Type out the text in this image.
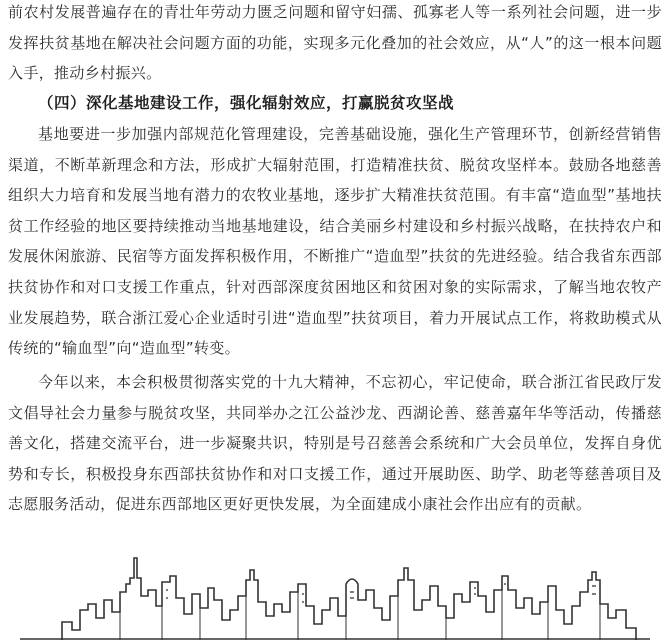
前农村发展普遍存在的青壮年劳动力匮乏问题和留守妇孺、孤寡老人等一系列社会问题，进一步发挥扶贫基地在解决社会问题方面的功能，实现多元化叠加的社会效应，从“人”的这一根本问题入手，推动乡村振兴。

（四）深化基地建设工作，强化辐射效应，打赢脱贫攻坚战

基地要进一步加强内部规范化管理建设，完善基础设施，强化生产管理环节，创新经营销售渠道，不断革新理念和方法，形成扩大辐射范围，打造精准扶贫、脱贫攻坚样本。鼓励各地慈善组织大力培育和发展当地有潜力的农牧业基地，逐步扩大精准扶贫范围。有丰富“造血型”基地扶贫工作经验的地区要持续推动当地基地建设，结合美丽乡村建设和乡村振兴战略，在扶持农户和发展休闲旅游、民宿等方面发挥积极作用，不断推广“造血型”扶贫的先进经验。结合我省东西部扶贫协作和对口支援工作重点，针对西部深度贫困地区和贫困对象的实际需求，了解当地农牧产业发展趋势，联合浙江爱心企业适时引进“造血型”扶贫项目，着力开展试点工作，将救助模式从传统的“输血型”向“造血型”转变。

今年以来，本会积极贯彻落实党的十九大精神，不忘初心，牢记使命，联合浙江省民政厅发文倡导社会力量参与脱贫攻坚，共同举办之江公益沙龙、西湖论善、慈善嘉年华等活动，传播慈善文化，搭建交流平台，进一步凝聚共识，特别是号召慈善会系统和广大会员单位，发挥自身优势和专长，积极投身东西部扶贫协作和对口支援工作，通过开展助医、助学、助老等慈善项目及志愿服务活动，促进东西部地区更好更快发展，为全面建成小康社会作出应有的贡献。
